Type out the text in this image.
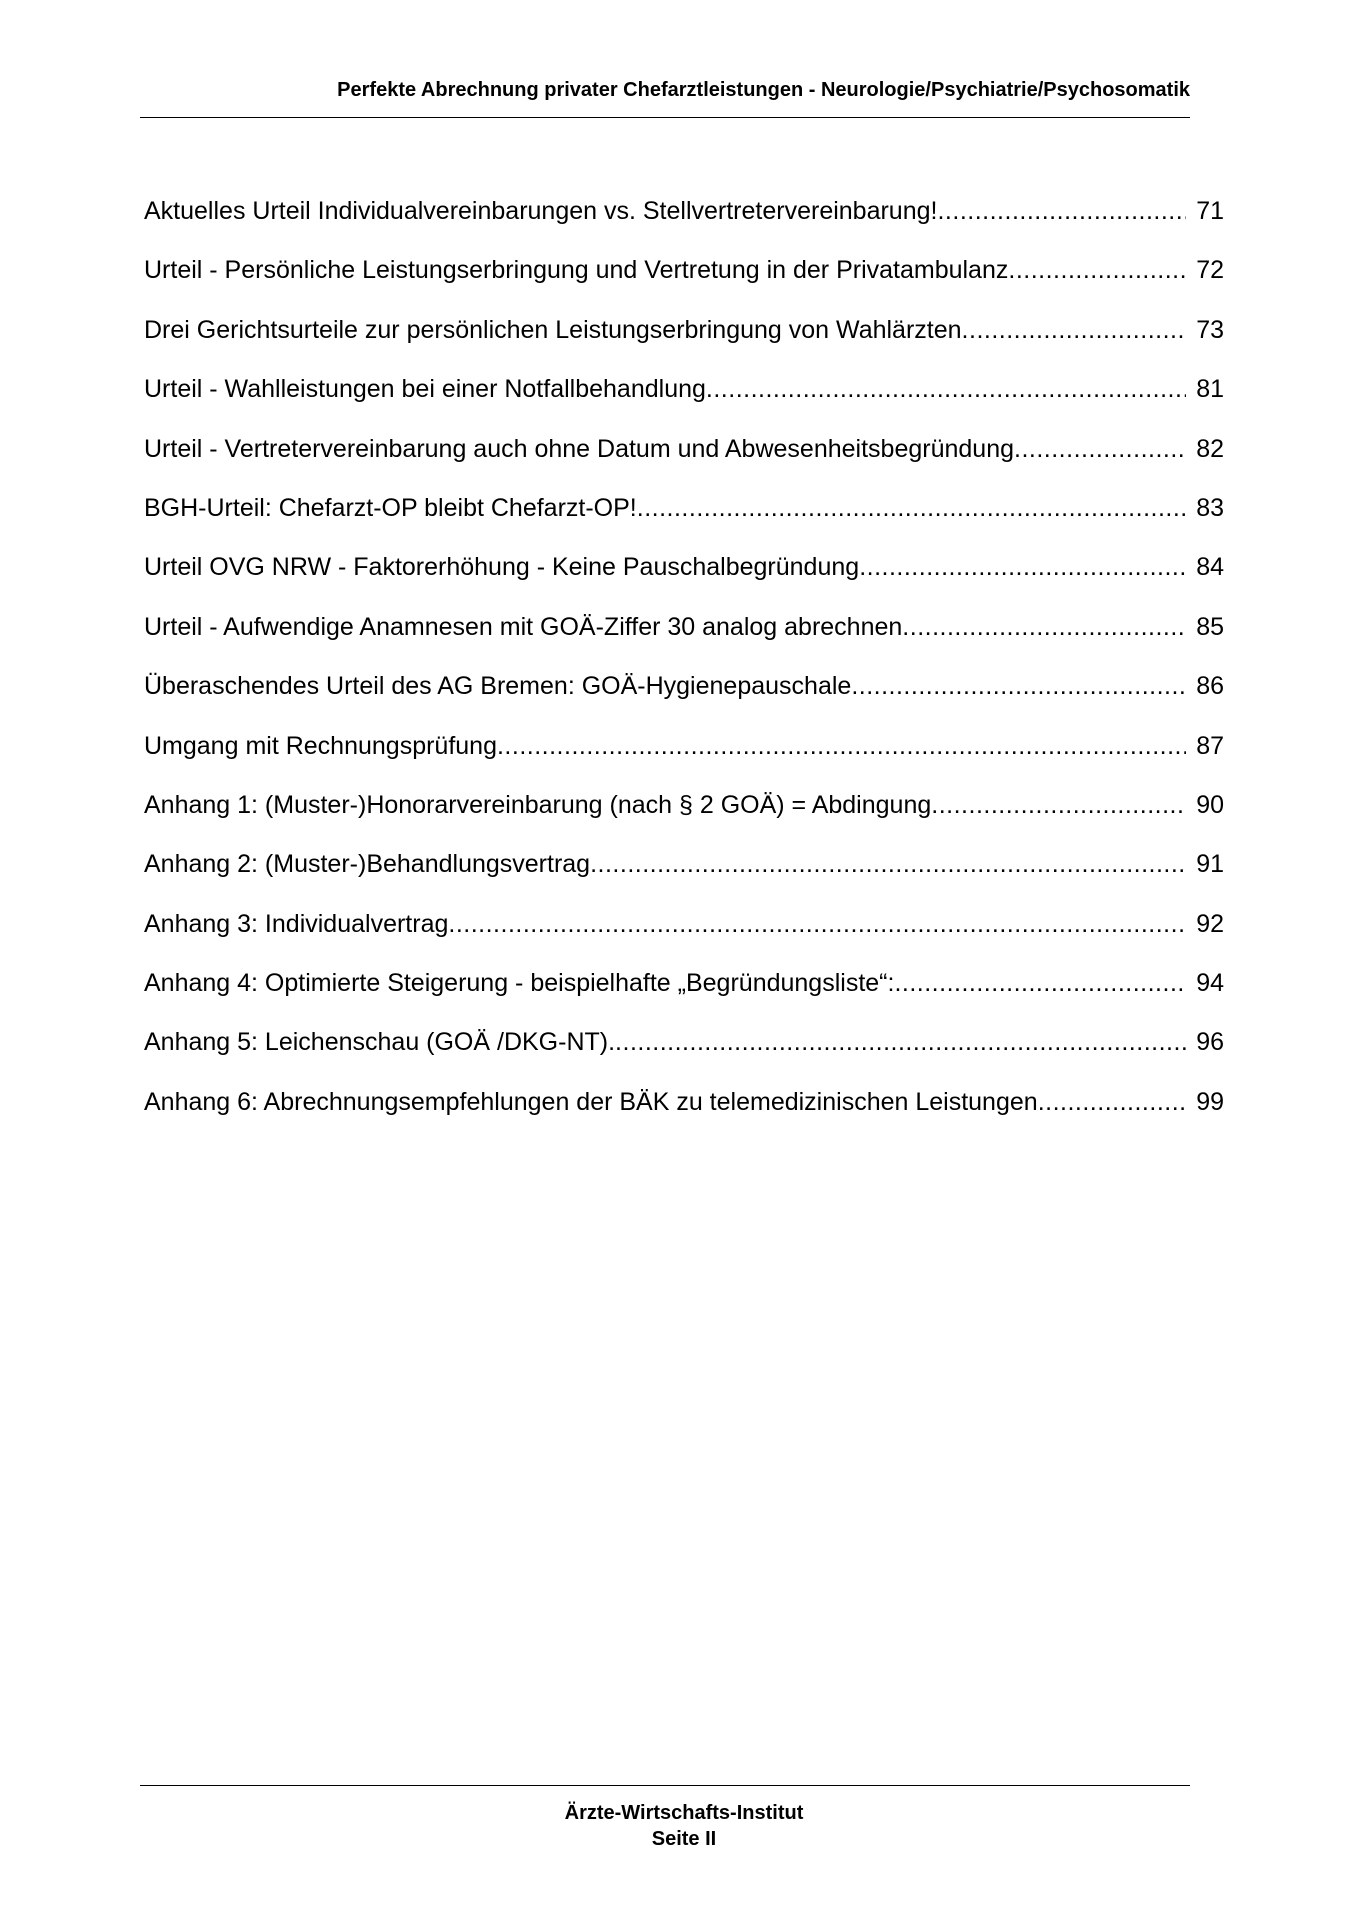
Perfekte Abrechnung privater Chefarztleistungen - Neurologie/Psychiatrie/Psychosomatik
Aktuelles Urteil Individualvereinbarungen vs. Stellvertretervereinbarung! .....	71
Urteil - Persönliche Leistungserbringung und Vertretung in der Privatambulanz .....	72
Drei Gerichtsurteile zur persönlichen Leistungserbringung von Wahlärzten .....	73
Urteil - Wahlleistungen bei einer Notfallbehandlung .....	81
Urteil - Vertretervereinbarung auch ohne Datum und Abwesenheitsbegründung .....	82
BGH-Urteil: Chefarzt-OP bleibt Chefarzt-OP! .....	83
Urteil OVG NRW - Faktorerhöhung - Keine Pauschalbegründung .....	84
Urteil - Aufwendige Anamnesen mit GOÄ-Ziffer 30 analog abrechnen .....	85
Überaschendes Urteil des AG Bremen: GOÄ-Hygienepauschale .....	86
Umgang mit Rechnungsprüfung .....	87
Anhang 1: (Muster-)Honorarvereinbarung (nach § 2 GOÄ) = Abdingung .....	90
Anhang 2: (Muster-)Behandlungsvertrag .....	91
Anhang 3: Individualvertrag .....	92
Anhang 4: Optimierte Steigerung - beispielhafte „Begründungsliste“: .....	94
Anhang 5: Leichenschau (GOÄ /DKG-NT). .....	96
Anhang 6: Abrechnungsempfehlungen der BÄK zu telemedizinischen Leistungen .....	99
Ärzte-Wirtschafts-Institut
Seite II
